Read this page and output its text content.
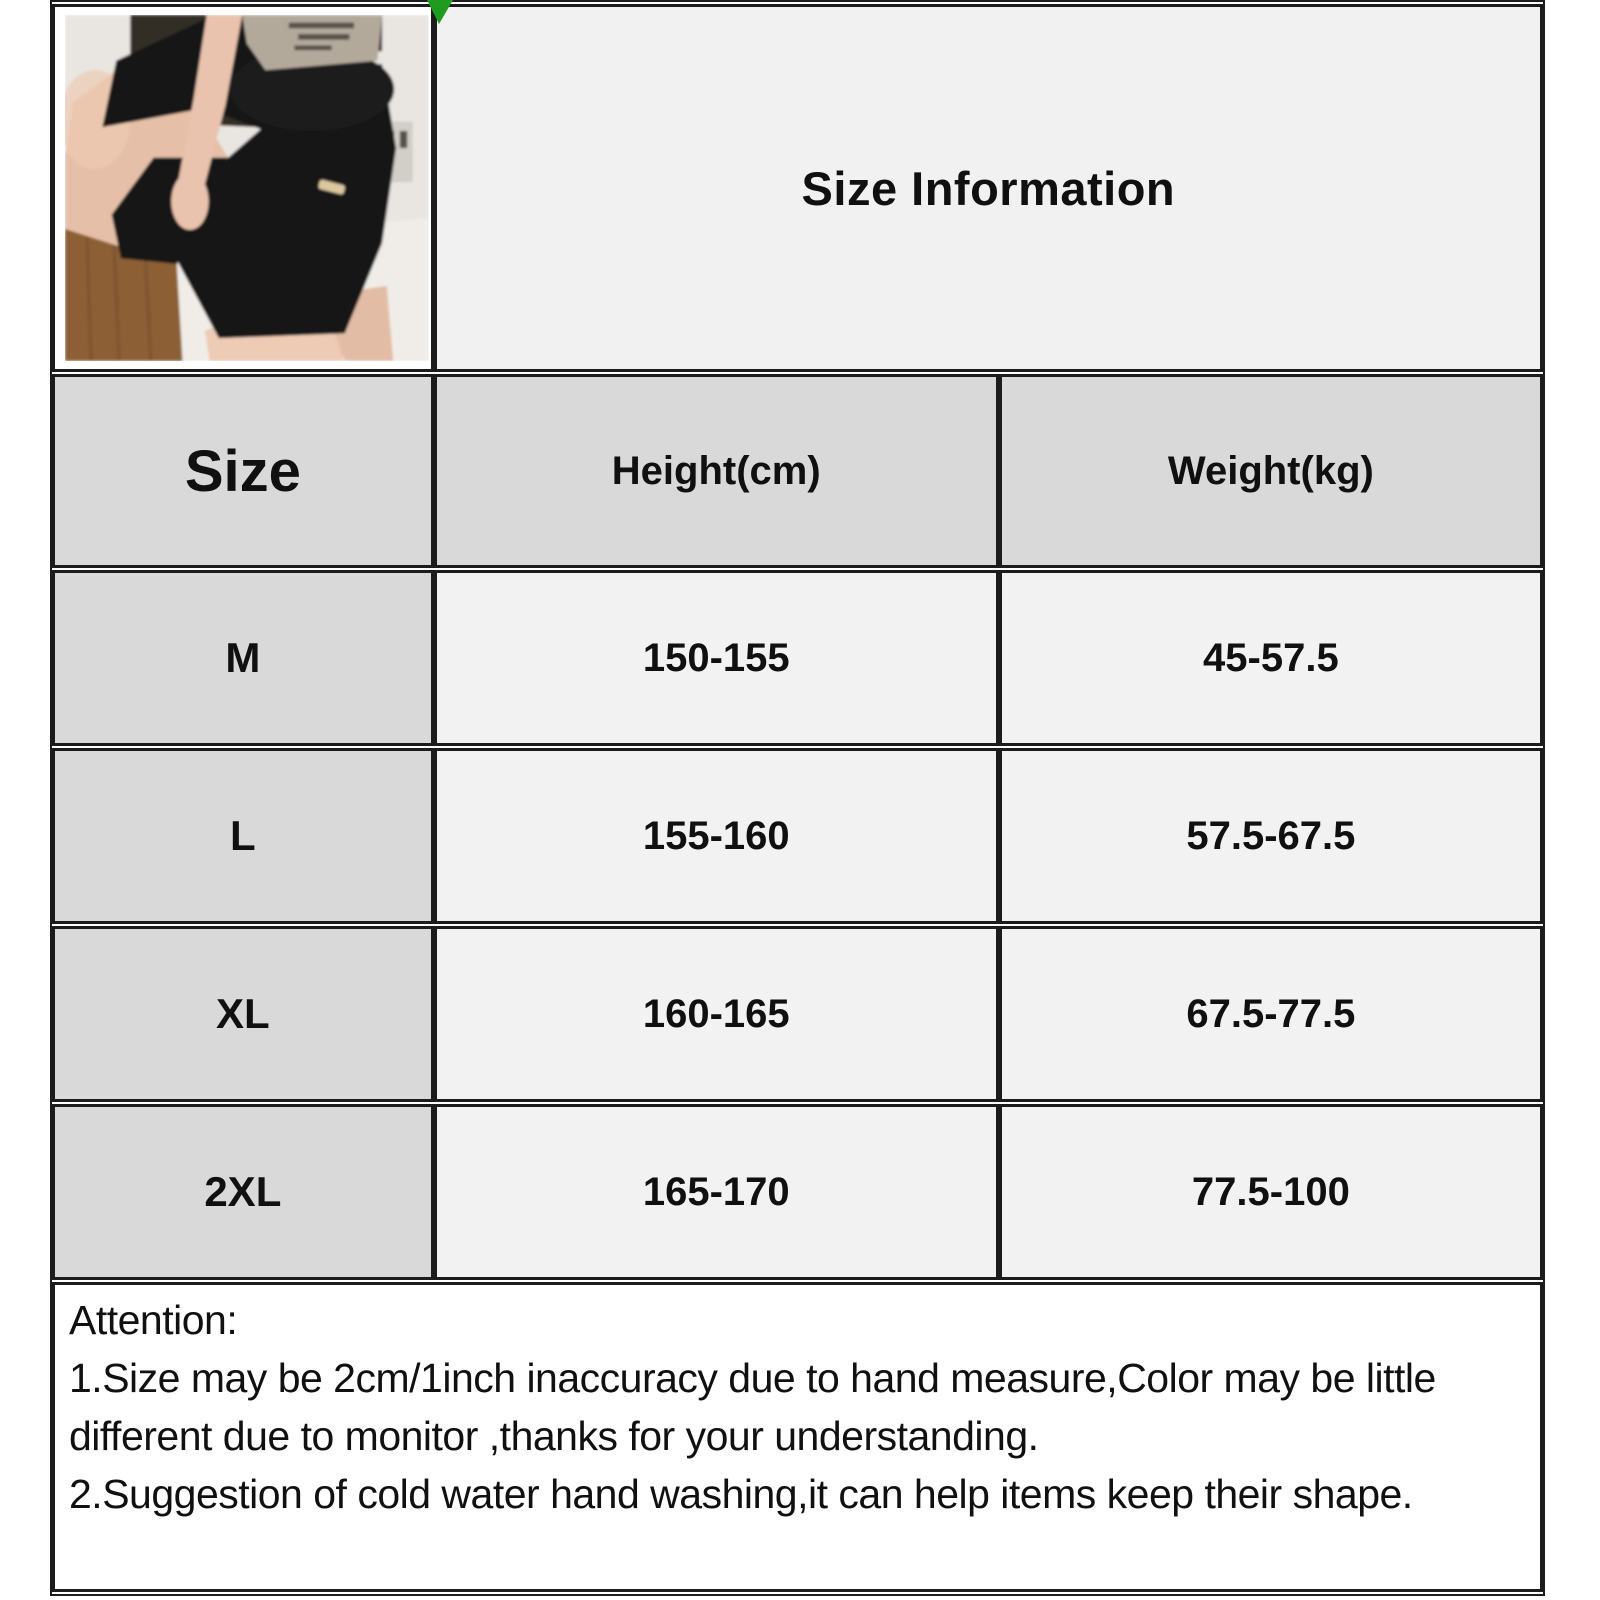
	Size Information	
Size	Height(cm)	Weight(kg)
M	150-155	45-57.5
L	155-160	57.5-67.5
XL	160-165	67.5-77.5
2XL	165-170	77.5-100

Attention:
1.Size may be 2cm/1inch inaccuracy due to hand measure,Color may be little different due to monitor ,thanks for your understanding.
2.Suggestion of cold water hand washing,it can help items keep their shape.		
